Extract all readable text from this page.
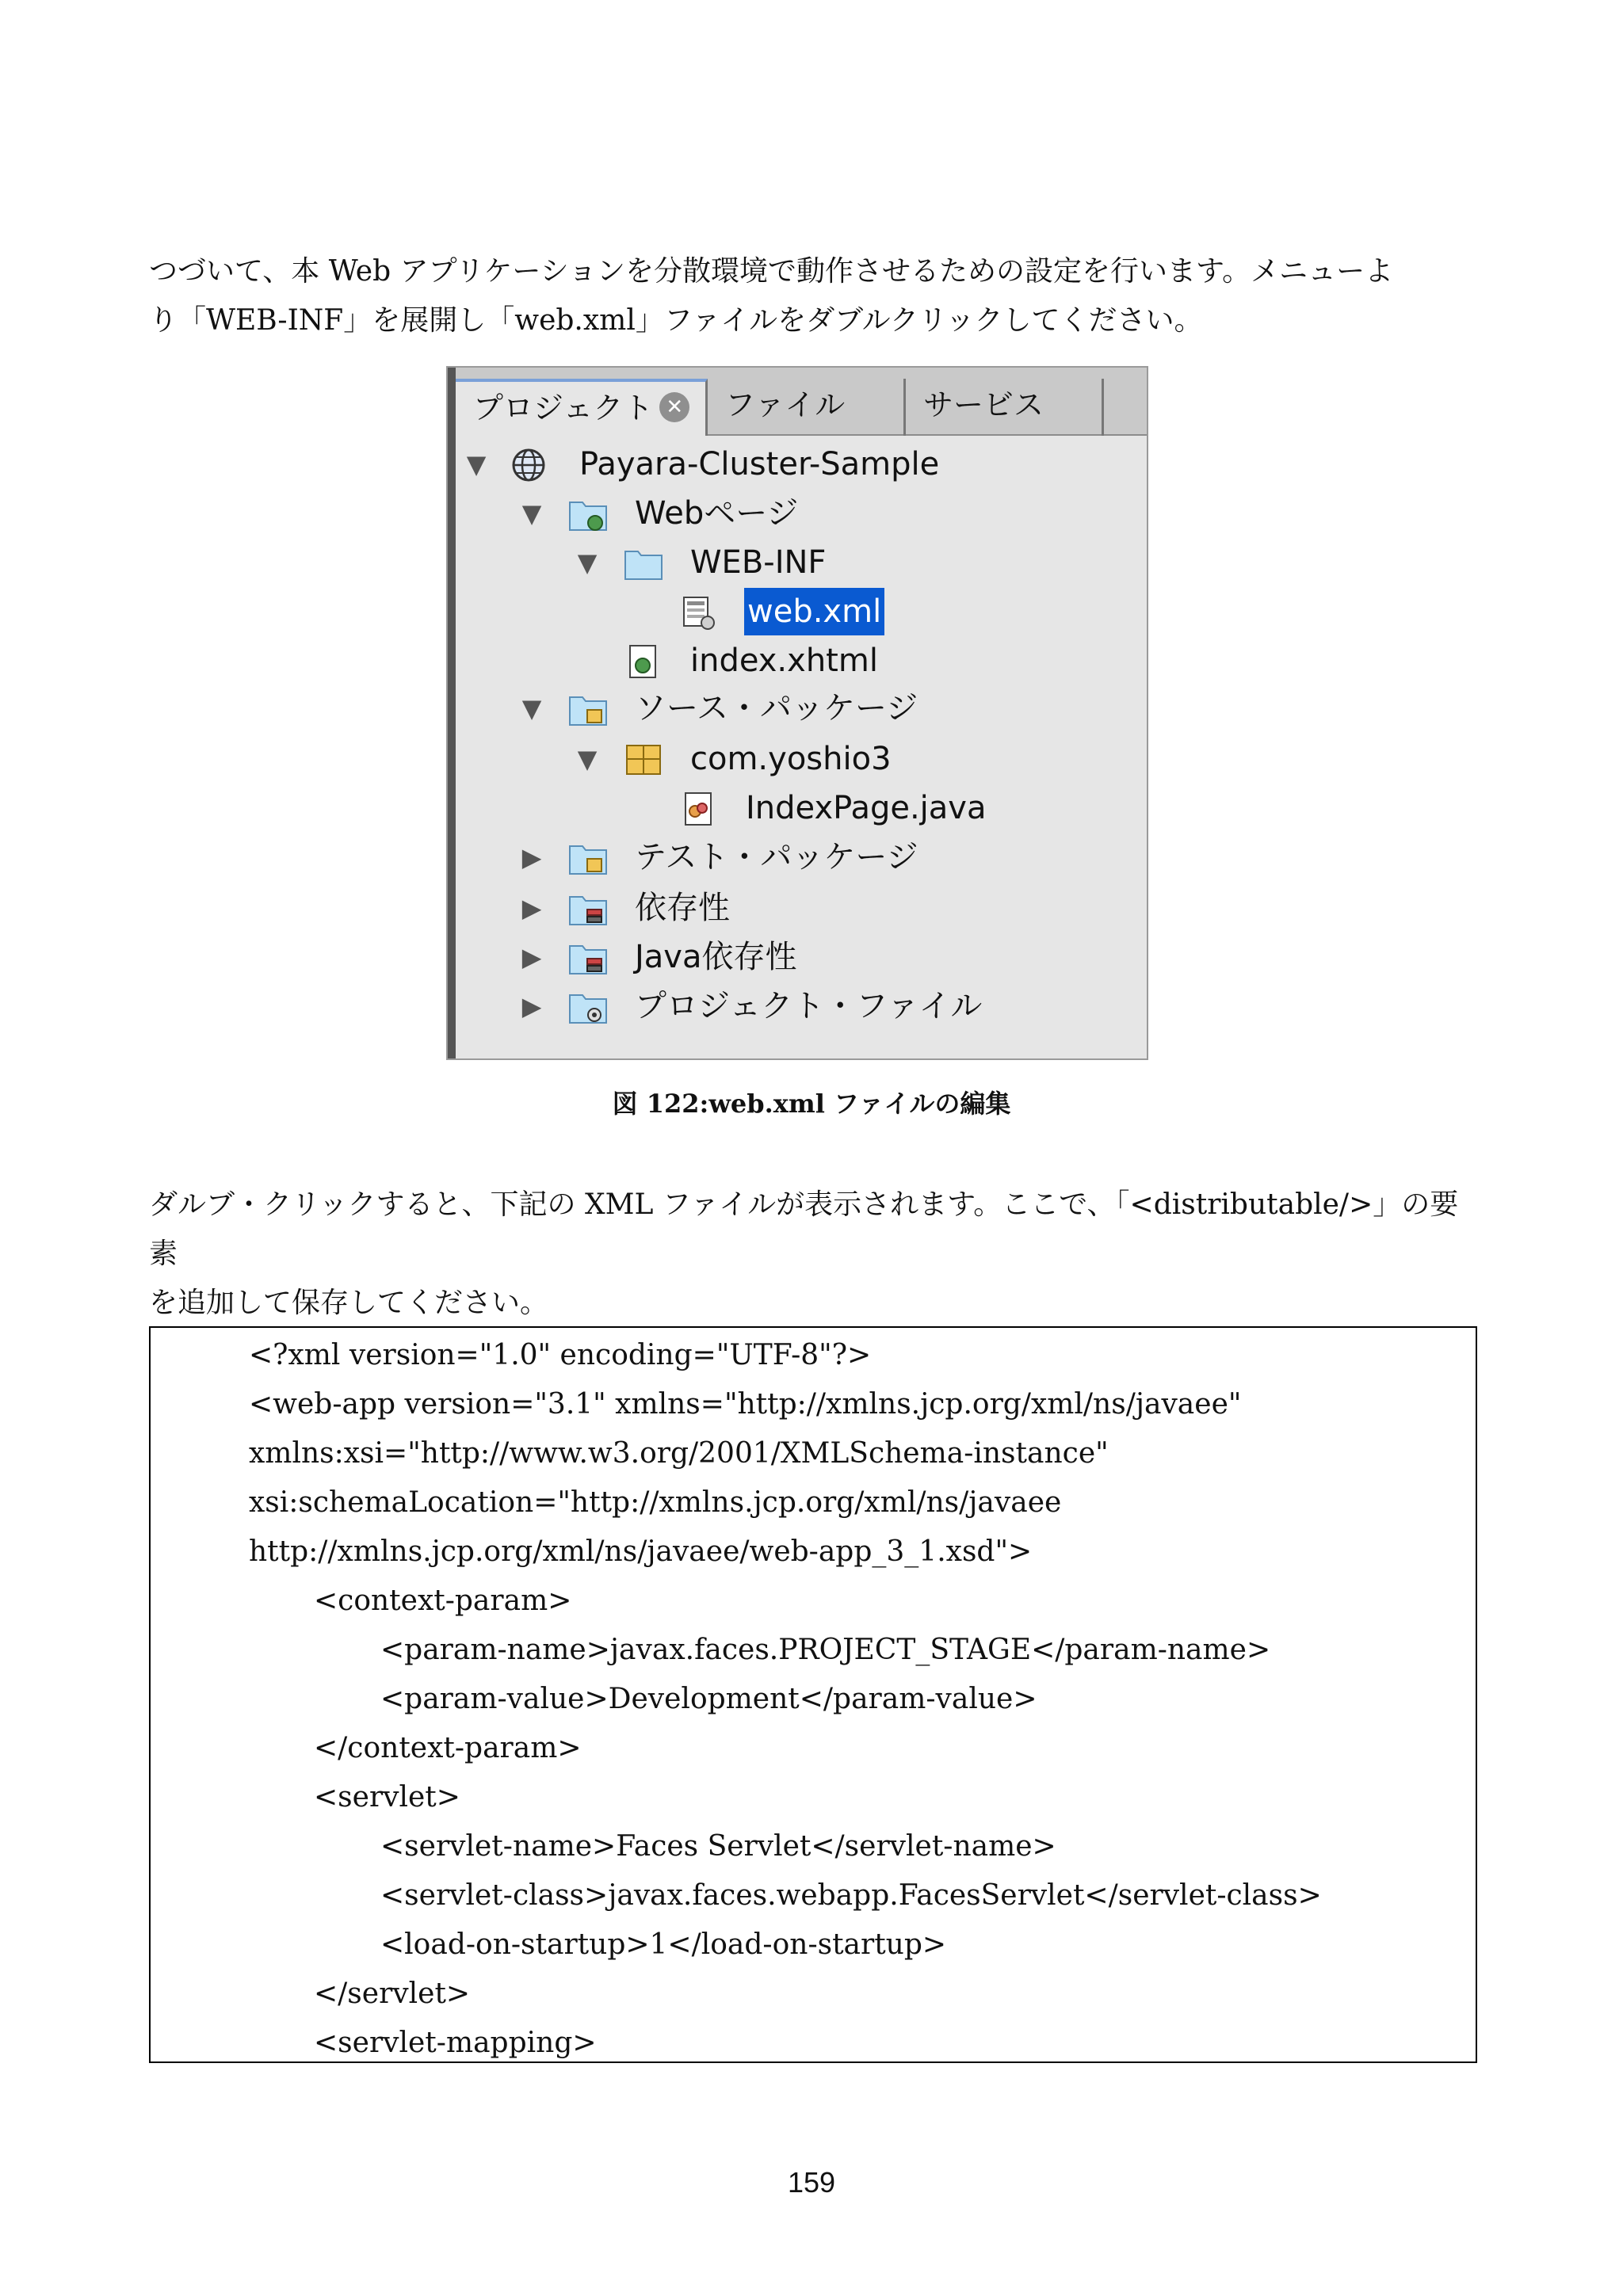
つづいて、本 Web アプリケーションを分散環境で動作させるための設定を行います。メニューよ
り「WEB-INF」を展開し「web.xml」ファイルをダブルクリックしてください。
プロジェクト ✕	ファイル	サービス
▼	Payara-Cluster-Sample
▼	Webページ
▼	WEB-INF
web.xml
index.xhtml
▼	ソース・パッケージ
▼	com.yoshio3
IndexPage.java
▶	テスト・パッケージ
▶	依存性
▶	Java依存性
▶	プロジェクト・ファイル
図 122:web.xml ファイルの編集
ダルブ・クリックすると、下記の XML ファイルが表示されます。ここで、「<distributable/>」の要素
を追加して保存してください。
<?xml version="1.0" encoding="UTF-8"?>
<web-app version="3.1" xmlns="http://xmlns.jcp.org/xml/ns/javaee"
xmlns:xsi="http://www.w3.org/2001/XMLSchema-instance"
xsi:schemaLocation="http://xmlns.jcp.org/xml/ns/javaee
http://xmlns.jcp.org/xml/ns/javaee/web-app_3_1.xsd">
<context-param>
<param-name>javax.faces.PROJECT_STAGE</param-name>
<param-value>Development</param-value>
</context-param>
<servlet>
<servlet-name>Faces Servlet</servlet-name>
<servlet-class>javax.faces.webapp.FacesServlet</servlet-class>
<load-on-startup>1</load-on-startup>
</servlet>
<servlet-mapping>
159
